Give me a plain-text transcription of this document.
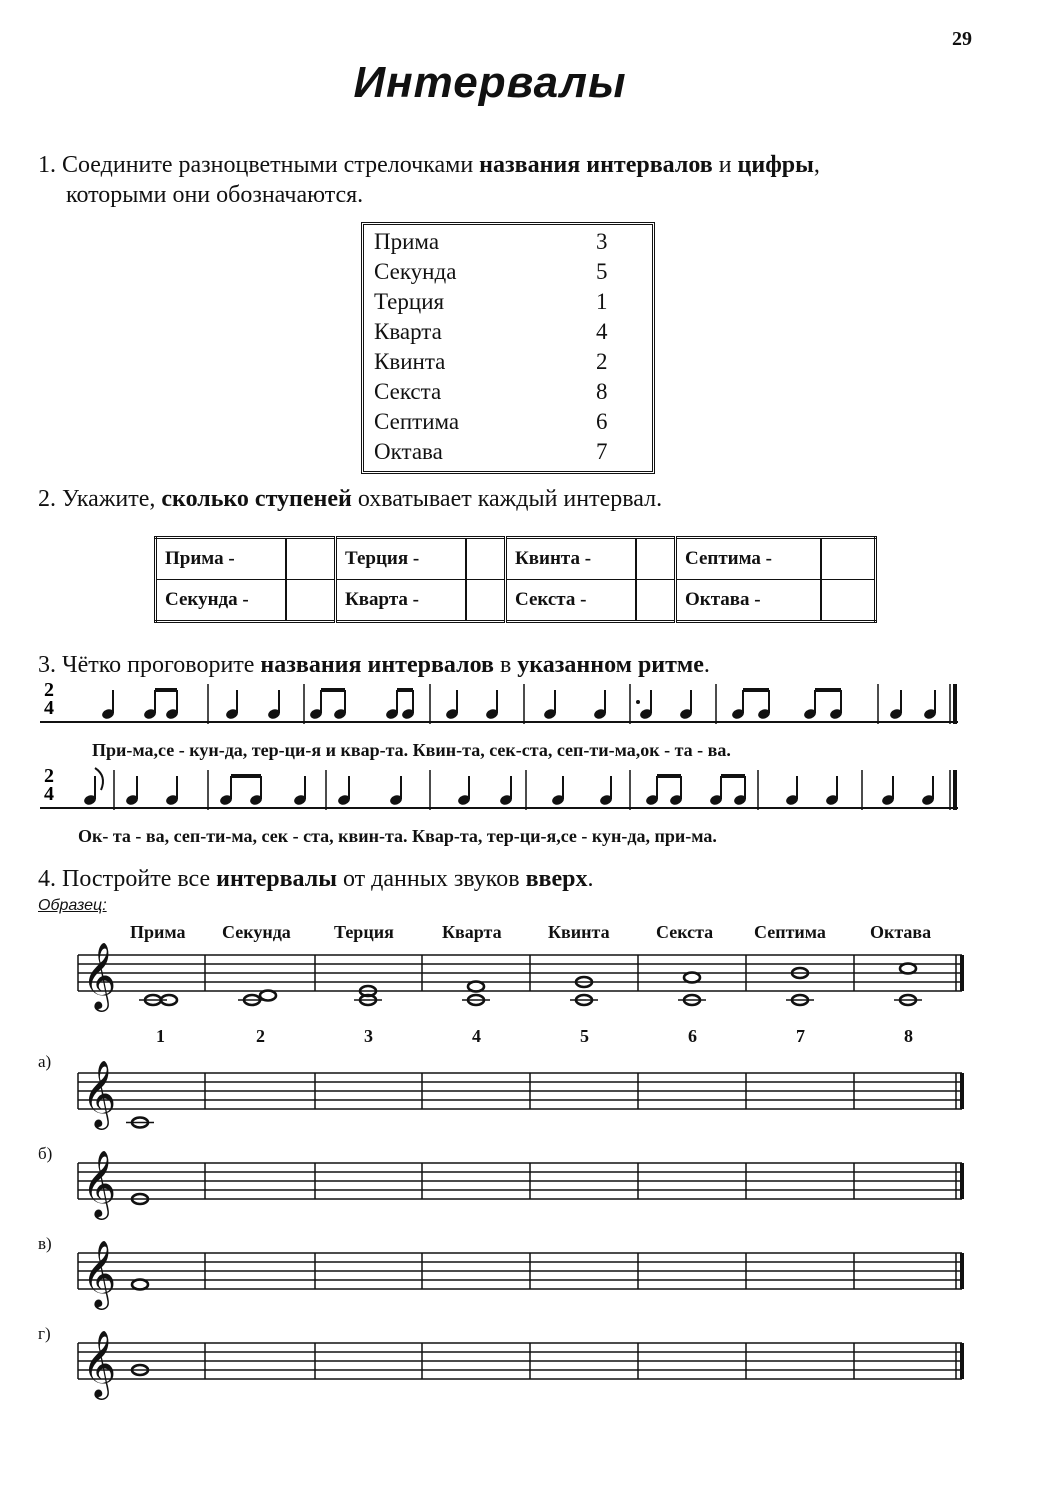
29
Интервалы
1. Соедините разноцветными стрелочками названия интервалов и цифры,
которыми они обозначаются.
Прима	3
Секунда	5
Терция	1
Кварта	4
Квинта	2
Секста	8
Септима	6
Октава	7
2. Укажите, сколько ступеней охватывает каждый интервал.
Прима -		Терция -		Квинта -		Септима -	
Секунда -		Кварта -		Секста -		Октава -	
3. Чётко проговорите названия интервалов в указанном ритме.
2
4
2
4
При-ма,се - кун-да, тер-ци-я и квар-та. Квин-та, сек-ста, сеп-ти-ма,ок - та - ва.
Ок- та - ва, сеп-ти-ма, сек - ста, квин-та. Квар-та, тер-ци-я,се - кун-да, при-ма.
4. Постройте все интервалы от данных звуков вверх.
Образец:
Прима Секунда Терция	Кварта	Квинта	Секста Септима Октава
1	2	3	4	5	6	7	8
а)
б)
в)
г)
𝄞
𝄞
𝄞
𝄞
𝄞
